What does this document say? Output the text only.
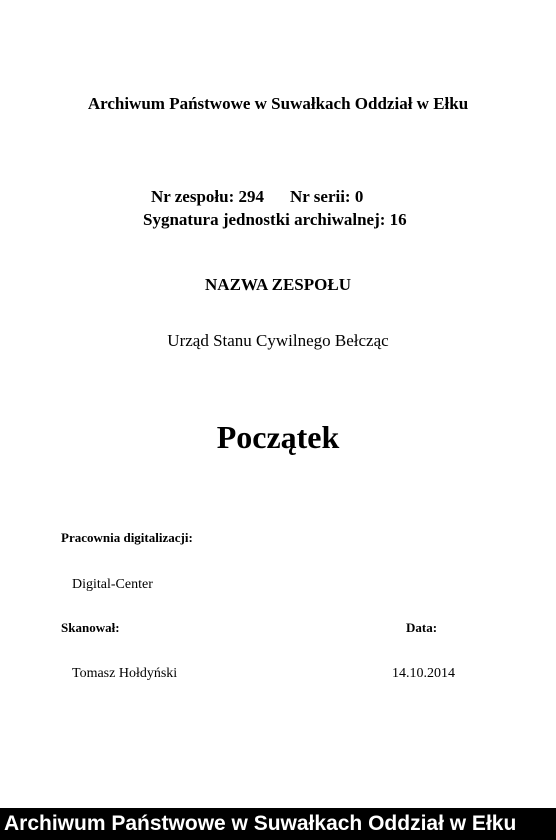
Archiwum Państwowe w Suwałkach Oddział w Ełku
Nr zespołu: 294 Nr serii: 0
Sygnatura jednostki archiwalnej: 16
NAZWA ZESPOŁU
Urząd Stanu Cywilnego Bełcząc
Początek
Pracownia digitalizacji:
Digital-Center
Skanował:	Data:
Tomasz Hołdyński	14.10.2014
Archiwum Państwowe w Suwałkach Oddział w Ełku
